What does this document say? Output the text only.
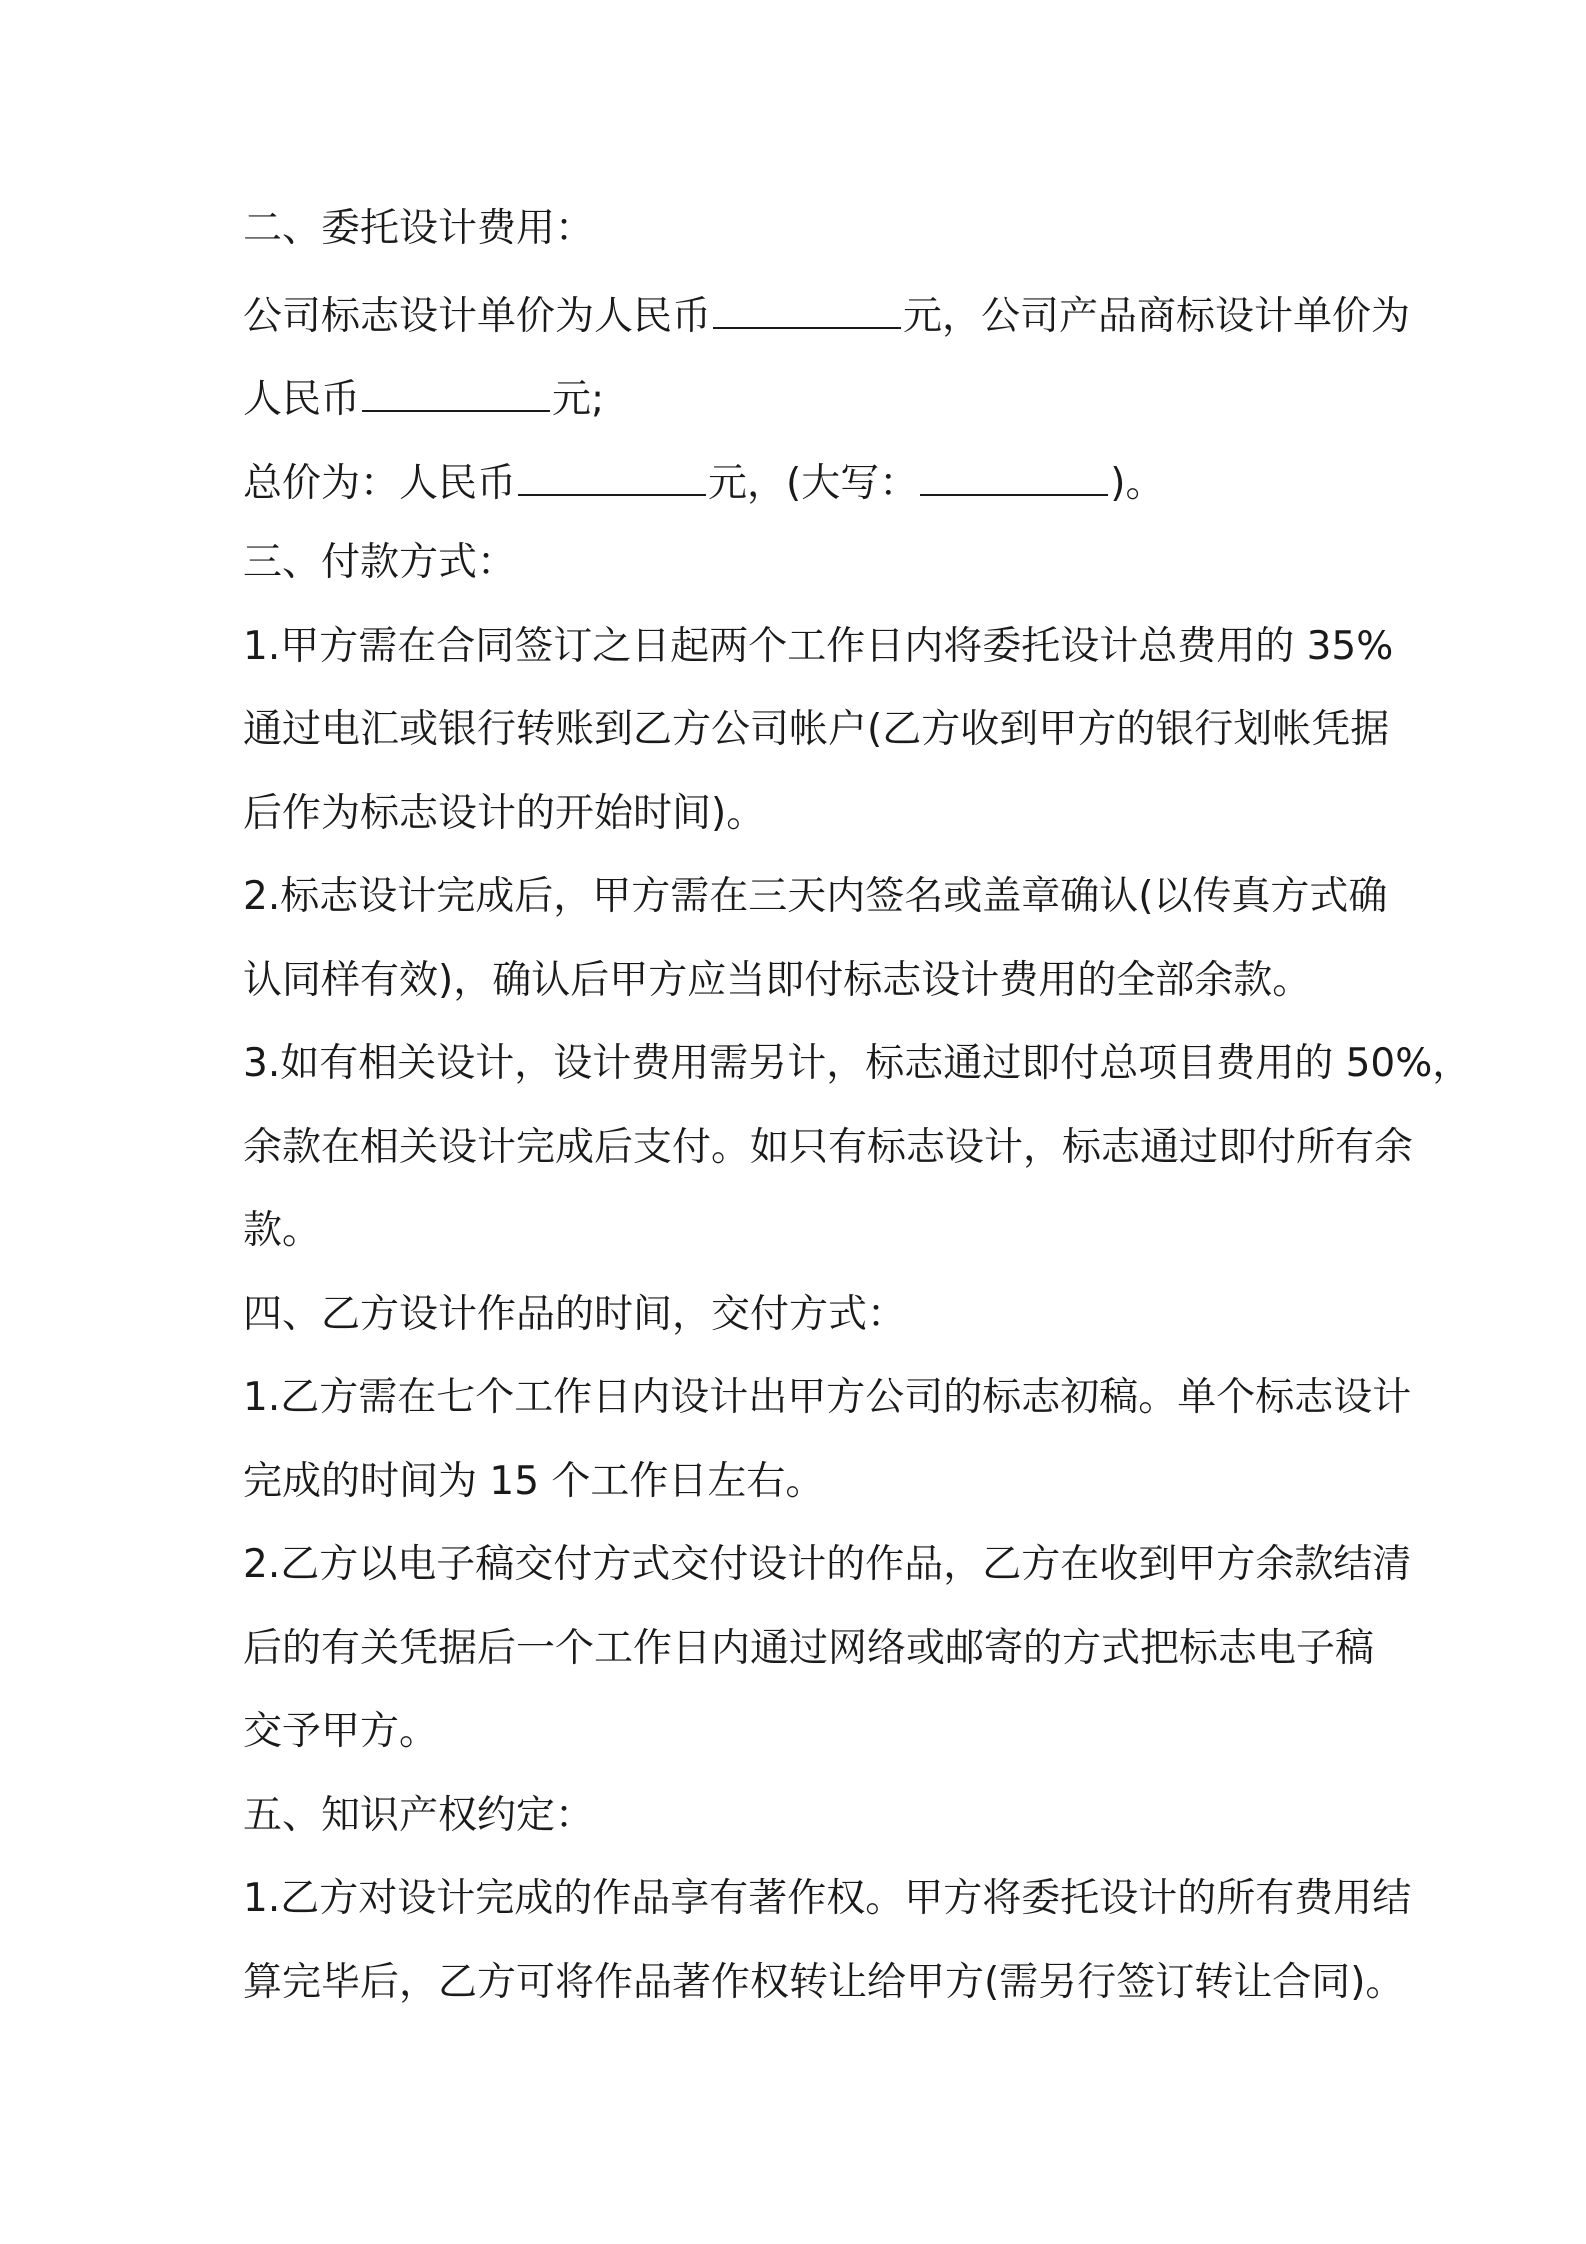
二、委托设计费用：
公司标志设计单价为人民币	元，公司产品商标设计单价为
人民币	元;
总价为：人民币	元，(大写：	)。
三、付款方式：
1.甲方需在合同签订之日起两个工作日内将委托设计总费用的 35%
通过电汇或银行转账到乙方公司帐户(乙方收到甲方的银行划帐凭据
后作为标志设计的开始时间)。
2.标志设计完成后，甲方需在三天内签名或盖章确认(以传真方式确
认同样有效)，确认后甲方应当即付标志设计费用的全部余款。
3.如有相关设计，设计费用需另计，标志通过即付总项目费用的 50%，
余款在相关设计完成后支付。如只有标志设计，标志通过即付所有余
款。
四、乙方设计作品的时间，交付方式：
1.乙方需在七个工作日内设计出甲方公司的标志初稿。单个标志设计
完成的时间为 15 个工作日左右。
2.乙方以电子稿交付方式交付设计的作品，乙方在收到甲方余款结清
后的有关凭据后一个工作日内通过网络或邮寄的方式把标志电子稿
交予甲方。
五、知识产权约定：
1.乙方对设计完成的作品享有著作权。甲方将委托设计的所有费用结
算完毕后，乙方可将作品著作权转让给甲方(需另行签订转让合同)。
